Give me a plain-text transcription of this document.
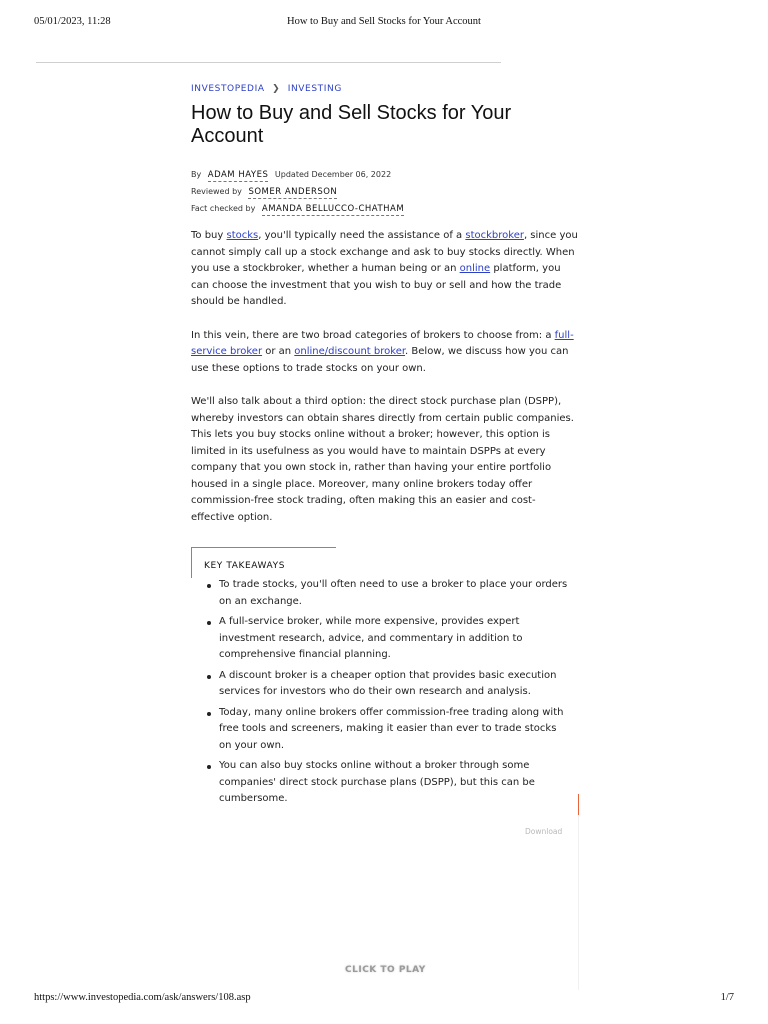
05/01/2023, 11:28	How to Buy and Sell Stocks for Your Account
INVESTOPEDIA ❯ INVESTING
How to Buy and Sell Stocks for Your Account
By ADAM HAYES Updated December 06, 2022
Reviewed by SOMER ANDERSON
Fact checked by AMANDA BELLUCCO-CHATHAM

To buy stocks, you'll typically need the assistance of a stockbroker, since you cannot simply call up a stock exchange and ask to buy stocks directly. When you use a stockbroker, whether a human being or an online platform, you can choose the investment that you wish to buy or sell and how the trade should be handled.

In this vein, there are two broad categories of brokers to choose from: a full-service broker or an online/discount broker. Below, we discuss how you can use these options to trade stocks on your own.

We'll also talk about a third option: the direct stock purchase plan (DSPP), whereby investors can obtain shares directly from certain public companies. This lets you buy stocks online without a broker; however, this option is limited in its usefulness as you would have to maintain DSPPs at every company that you own stock in, rather than having your entire portfolio housed in a single place. Moreover, many online brokers today offer commission-free stock trading, often making this an easier and cost-effective option.

KEY TAKEAWAYS
To trade stocks, you'll often need to use a broker to place your orders on an exchange.
A full-service broker, while more expensive, provides expert investment research, advice, and commentary in addition to comprehensive financial planning.
A discount broker is a cheaper option that provides basic execution services for investors who do their own research and analysis.
Today, many online brokers offer commission-free trading along with free tools and screeners, making it easier than ever to trade stocks on your own.
You can also buy stocks online without a broker through some companies' direct stock purchase plans (DSPP), but this can be cumbersome.
Download
CLICK TO PLAY
https://www.investopedia.com/ask/answers/108.asp	1/7
